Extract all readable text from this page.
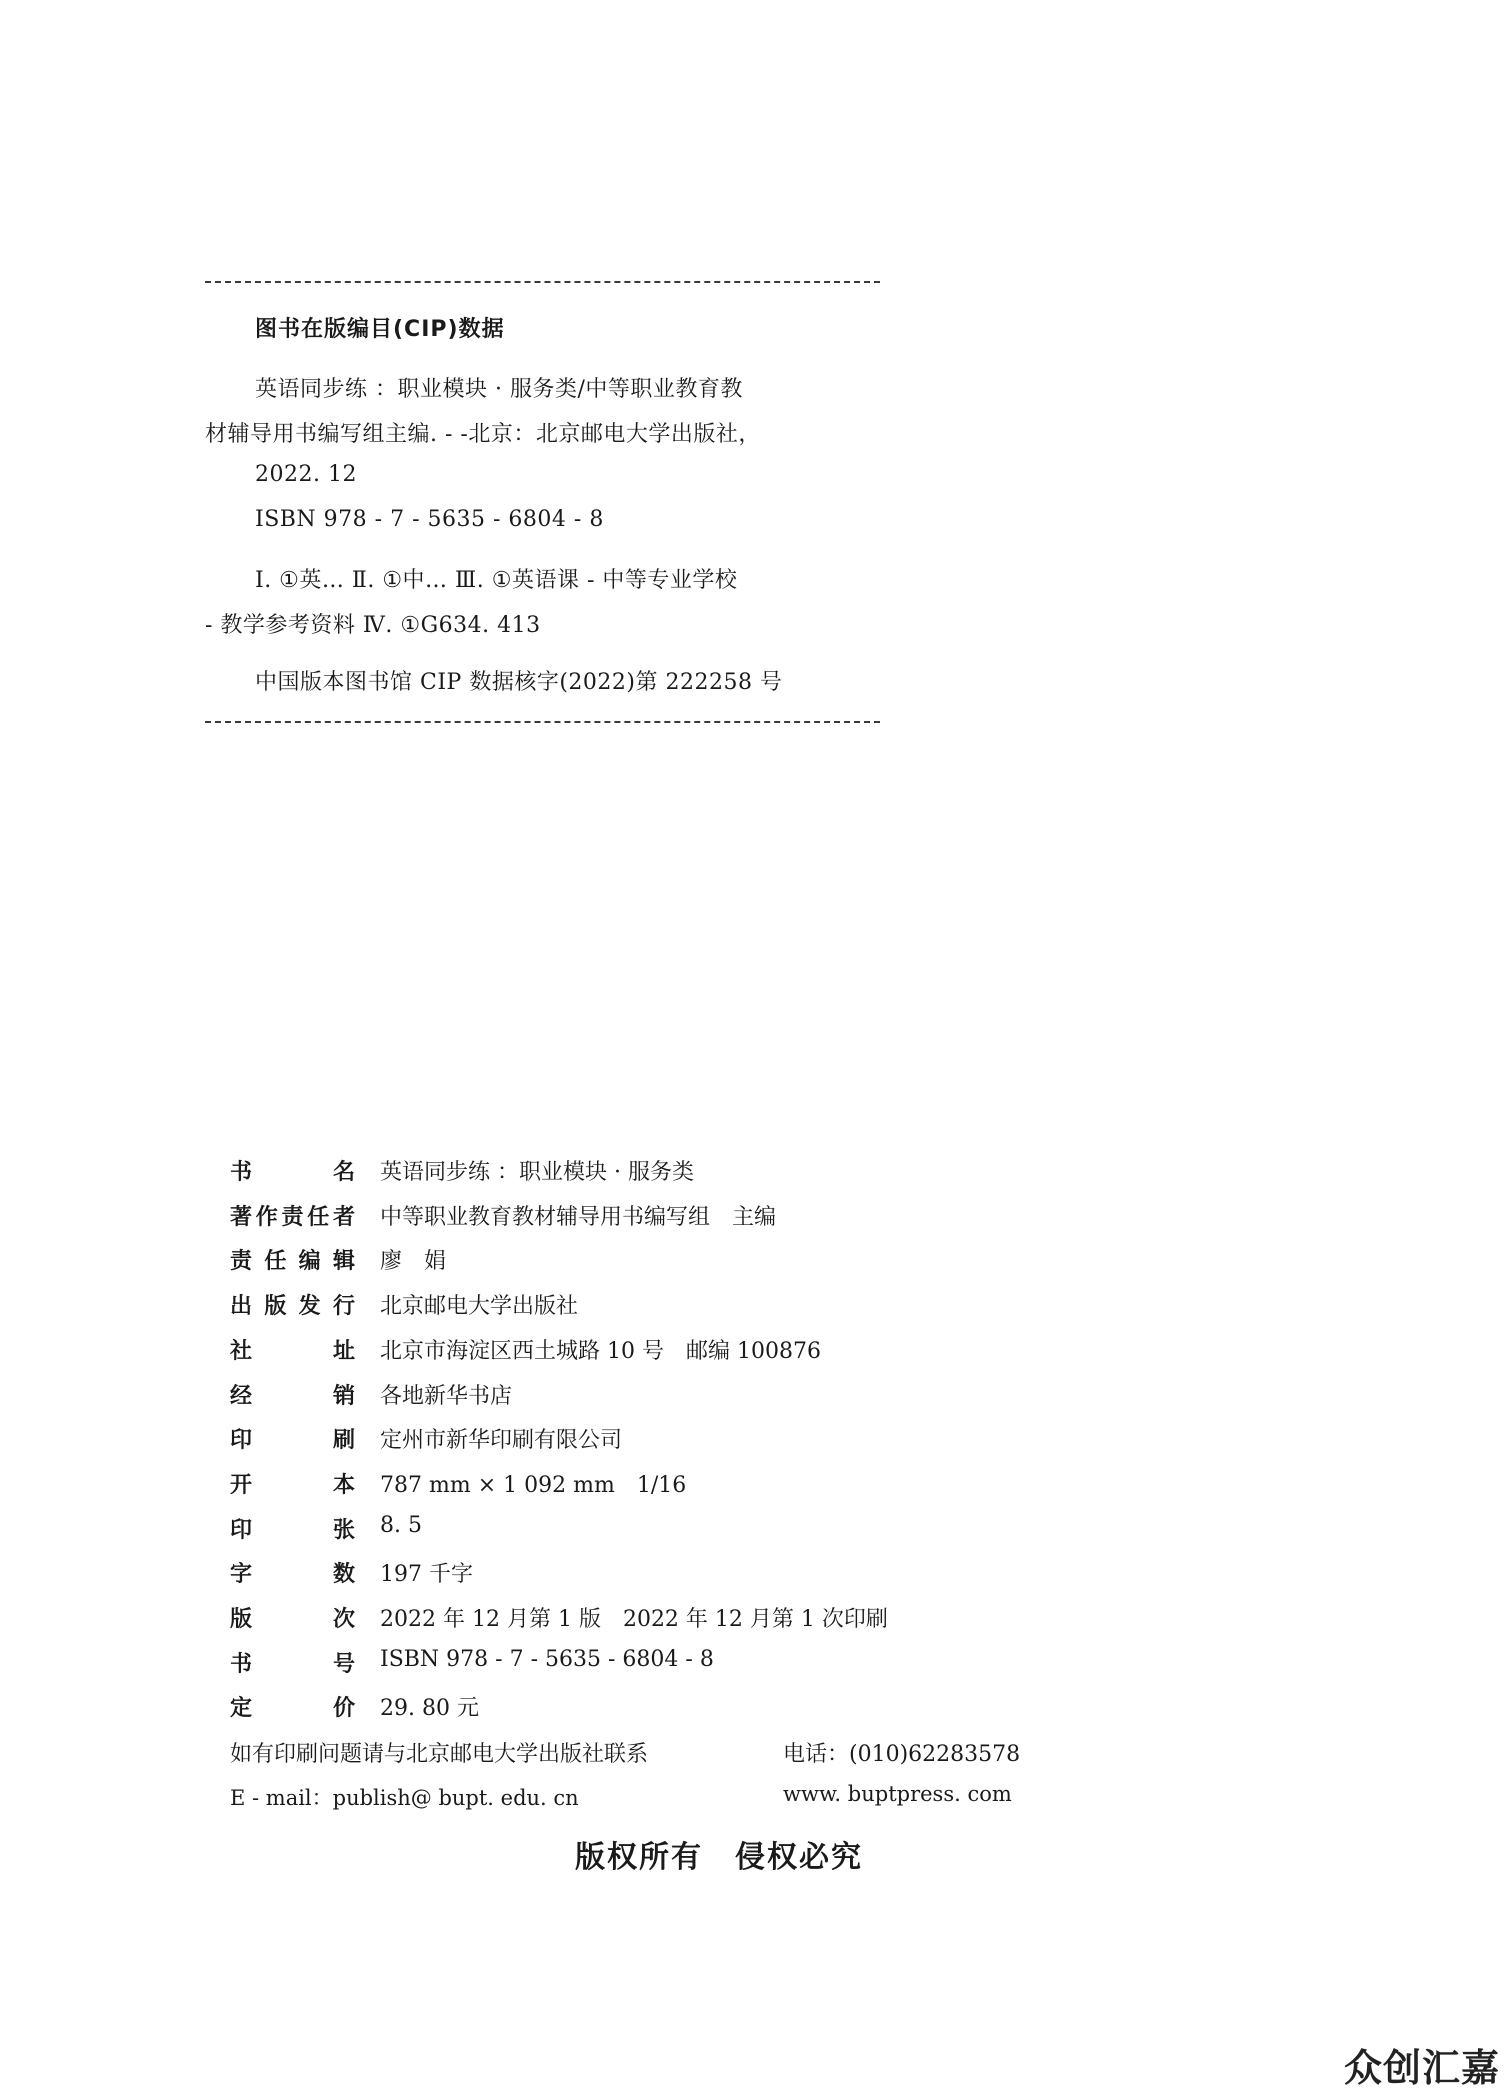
图书在版编目(CIP)数据
英语同步练 ：职业模块 · 服务类/中等职业教育教
材辅导用书编写组主编. - -北京：北京邮电大学出版社，
2022. 12
ISBN 978 - 7 - 5635 - 6804 - 8
Ⅰ. ①英… Ⅱ. ①中… Ⅲ. ①英语课 - 中等专业学校
- 教学参考资料 Ⅳ. ①G634. 413
中国版本图书馆 CIP 数据核字(2022)第 222258 号
书	名 英语同步练 ：职业模块 · 服务类
著 作 责 任 者 中等职业教育教材辅导用书编写组　主编
责 任 编 辑 廖　娟
出 版 发 行 北京邮电大学出版社
社	址 北京市海淀区西土城路 10 号　邮编 100876
经	销 各地新华书店
印	刷 定州市新华印刷有限公司
开	本 787 mm × 1 092 mm　1/16
印	张 8. 5
字	数 197 千字
版	次 2022 年 12 月第 1 版　2022 年 12 月第 1 次印刷
书	号 ISBN 978 - 7 - 5635 - 6804 - 8
定	价 29. 80 元
如有印刷问题请与北京邮电大学出版社联系	电话：(010)62283578
E - mail：publish@ bupt. edu. cn	www. buptpress. com
版权所有　侵权必究
众创汇嘉
